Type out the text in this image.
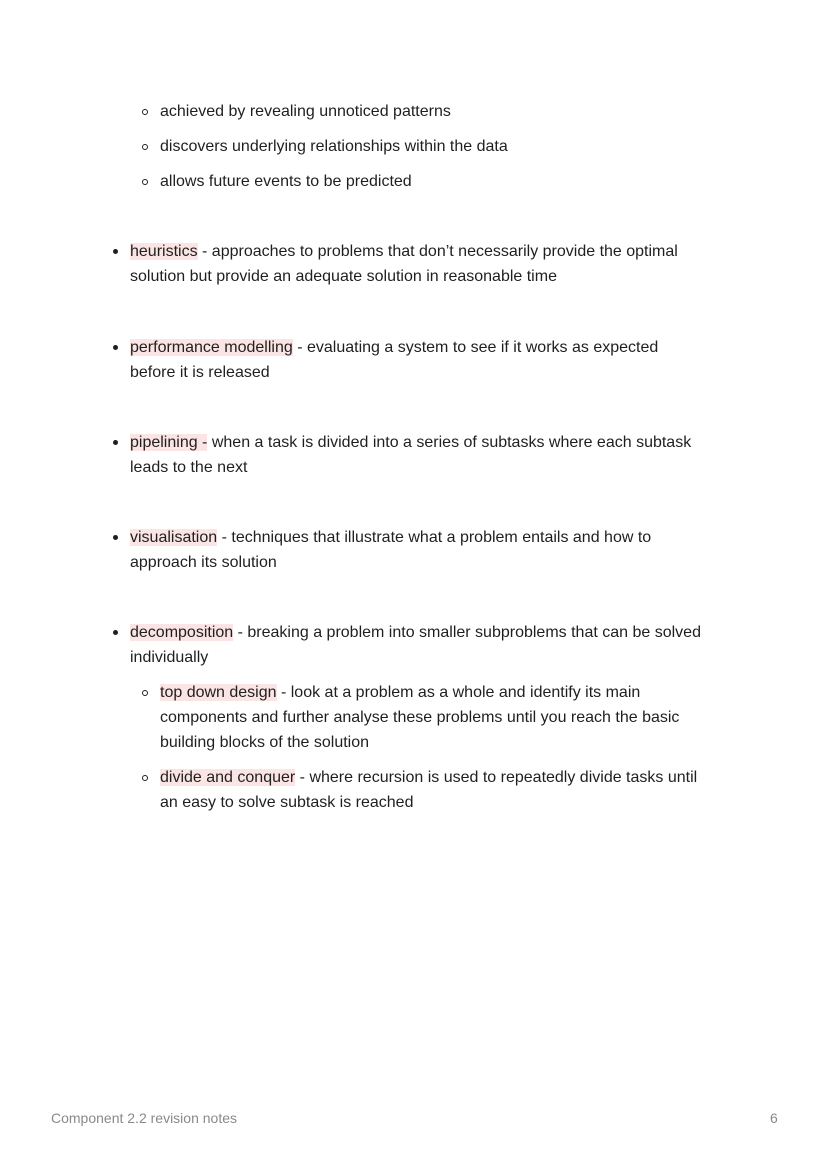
achieved by revealing unnoticed patterns
discovers underlying relationships within the data
allows future events to be predicted
heuristics - approaches to problems that don’t necessarily provide the optimal
solution but provide an adequate solution in reasonable time
performance modelling - evaluating a system to see if it works as expected
before it is released
pipelining - when a task is divided into a series of subtasks where each subtask
leads to the next
visualisation - techniques that illustrate what a problem entails and how to
approach its solution
decomposition - breaking a problem into smaller subproblems that can be solved
individually
top down design - look at a problem as a whole and identify its main
components and further analyse these problems until you reach the basic
building blocks of the solution
divide and conquer - where recursion is used to repeatedly divide tasks until
an easy to solve subtask is reached
Component 2.2 revision notes	6
